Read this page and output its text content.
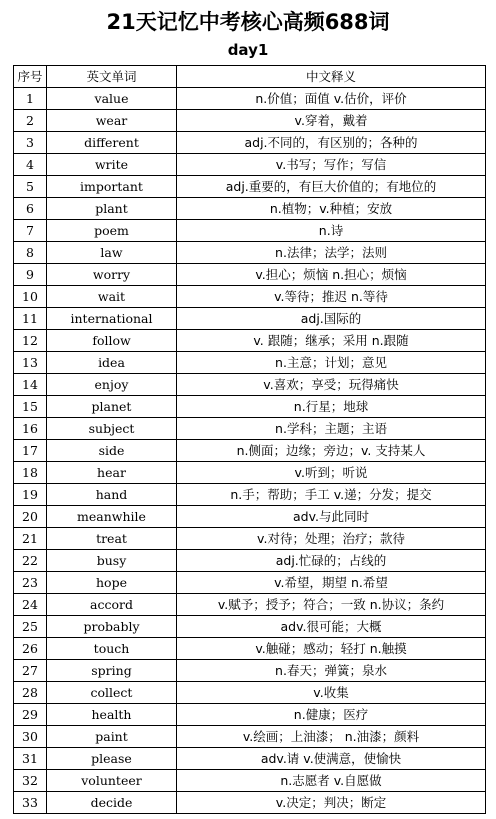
21天记忆中考核心高频688词
day1
序号	英文单词	中文释义
1	value	n.价值；面值 v.估价，评价
2	wear	v.穿着，戴着
3	different	adj.不同的，有区别的；各种的
4	write	v.书写；写作；写信
5	important	adj.重要的，有巨大价值的；有地位的
6	plant	n.植物；v.种植；安放
7	poem	n.诗
8	law	n.法律；法学；法则
9	worry	v.担心；烦恼 n.担心；烦恼
10	wait	v.等待；推迟 n.等待
11	international	adj.国际的
12	follow	v. 跟随；继承；采用 n.跟随
13	idea	n.主意；计划；意见
14	enjoy	v.喜欢；享受；玩得痛快
15	planet	n.行星；地球
16	subject	n.学科；主题；主语
17	side	n.侧面；边缘；旁边；v. 支持某人
18	hear	v.听到；听说
19	hand	n.手；帮助；手工 v.递；分发；提交
20	meanwhile	adv.与此同时
21	treat	v.对待；处理；治疗；款待
22	busy	adj.忙碌的；占线的
23	hope	v.希望，期望 n.希望
24	accord	v.赋予；授予；符合；一致 n.协议；条约
25	probably	adv.很可能；大概
26	touch	v.触碰；感动；轻打 n.触摸
27	spring	n.春天；弹簧；泉水
28	collect	v.收集
29	health	n.健康；医疗
30	paint	v.绘画；上油漆； n.油漆；颜料
31	please	adv.请 v.使满意，使愉快
32	volunteer	n.志愿者 v.自愿做
33	decide	v.决定；判决；断定
